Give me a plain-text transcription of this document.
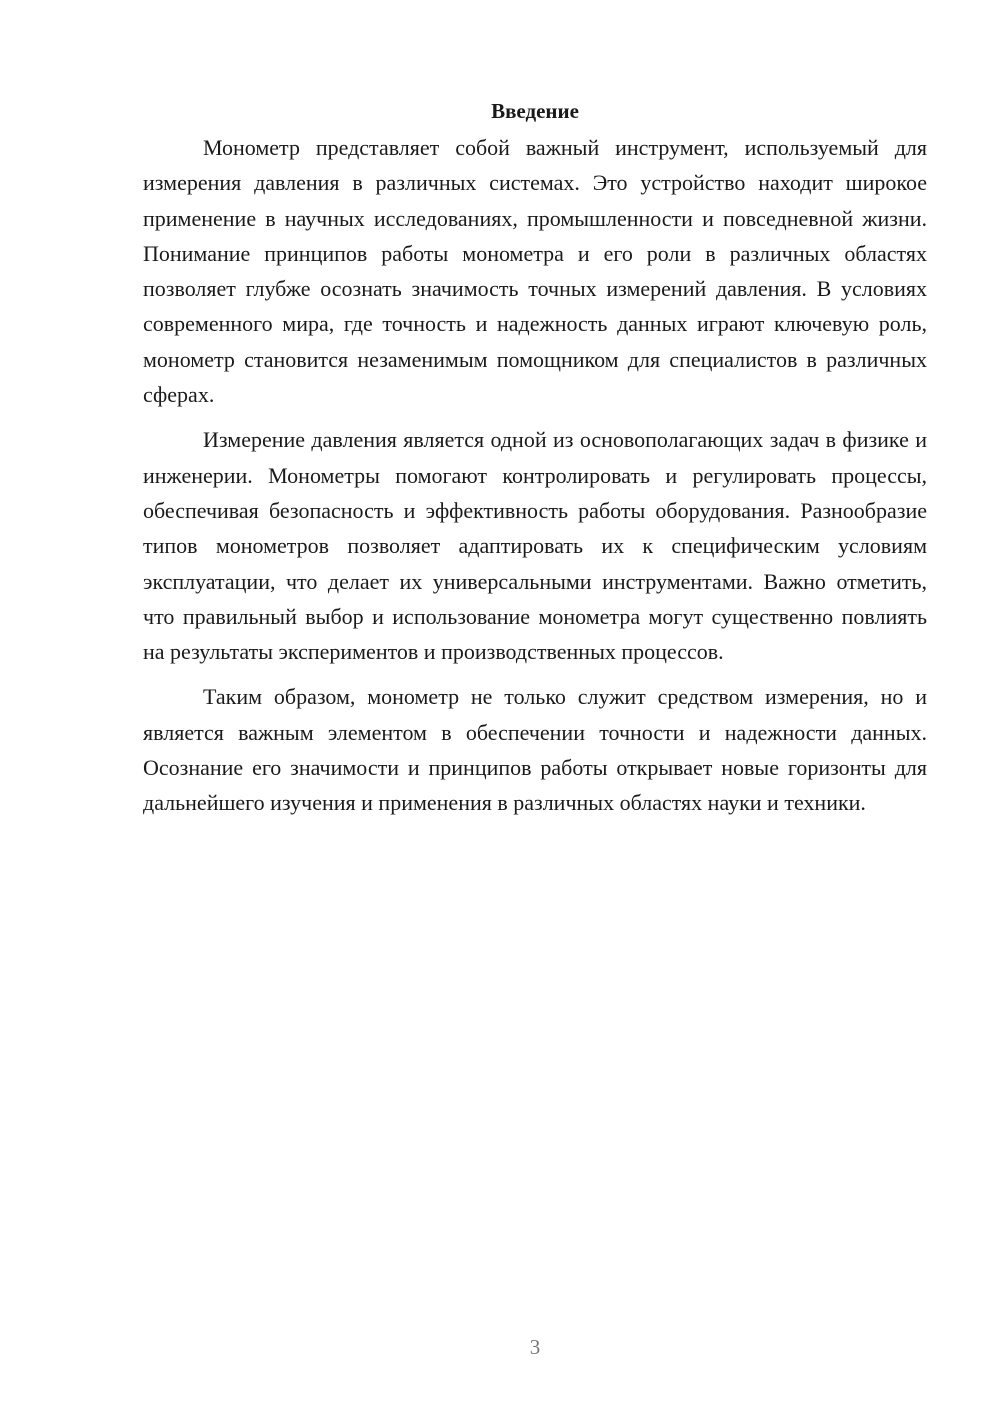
Введение

Монометр представляет собой важный инструмент, используемый для измерения давления в различных системах. Это устройство находит широкое применение в научных исследованиях, промышленности и повседневной жизни. Понимание принципов работы монометра и его роли в различных областях позволяет глубже осознать значимость точных измерений давления. В условиях современного мира, где точность и надежность данных играют ключевую роль, монометр становится незаменимым помощником для специалистов в различных сферах.

Измерение давления является одной из основополагающих задач в физике и инженерии. Монометры помогают контролировать и регулировать процессы, обеспечивая безопасность и эффективность работы оборудования. Разнообразие типов монометров позволяет адаптировать их к специфическим условиям эксплуатации, что делает их универсальными инструментами. Важно отметить, что правильный выбор и использование монометра могут существенно повлиять на результаты экспериментов и производственных процессов.

Таким образом, монометр не только служит средством измерения, но и является важным элементом в обеспечении точности и надежности данных. Осознание его значимости и принципов работы открывает новые горизонты для дальнейшего изучения и применения в различных областях науки и техники.

3
